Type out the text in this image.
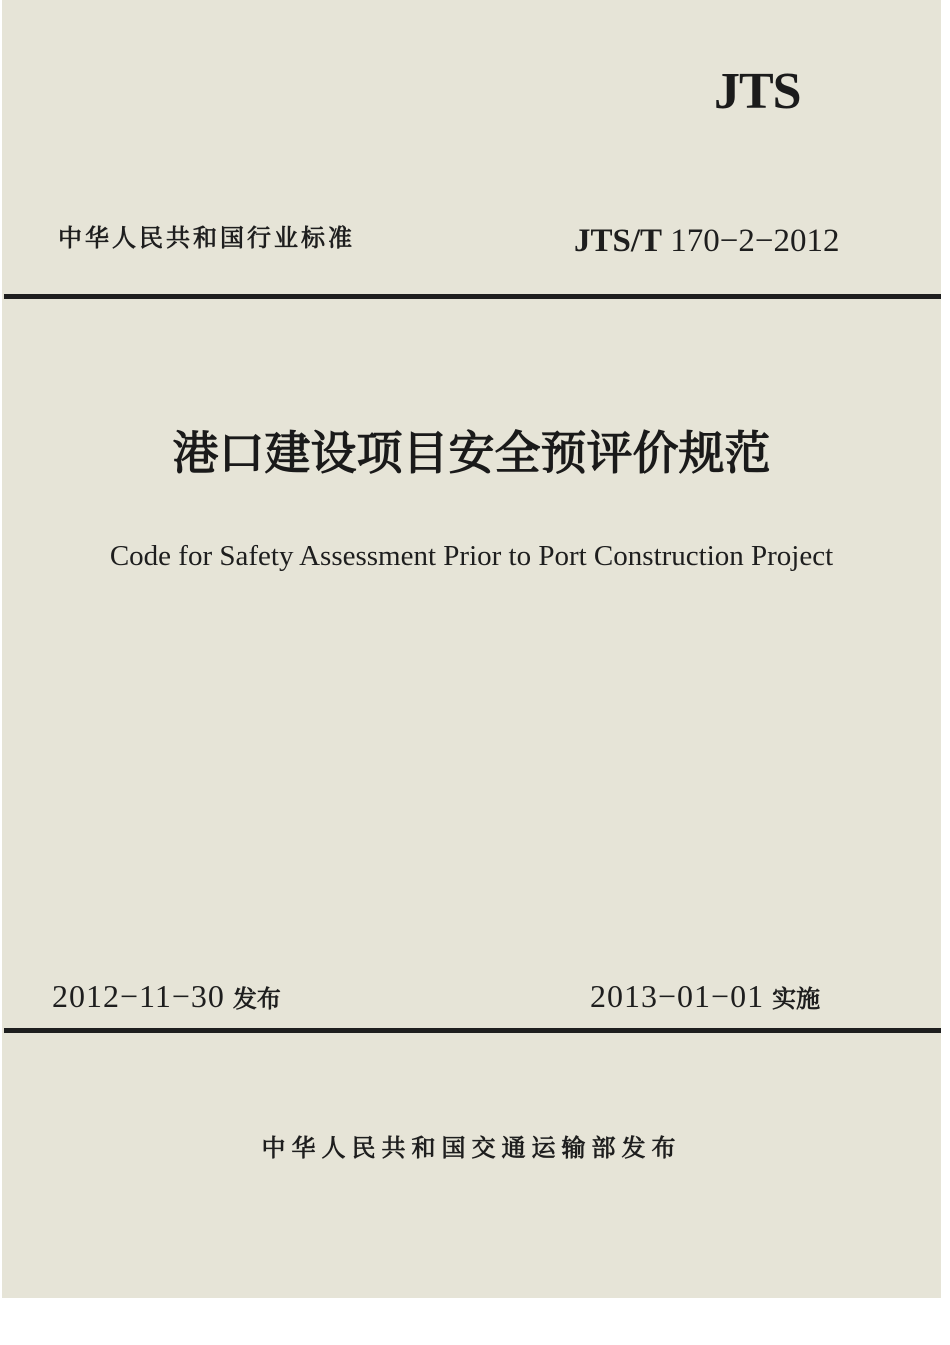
JTS
中华人民共和国行业标准	JTS/T 170−2−2012
港口建设项目安全预评价规范
Code for Safety Assessment Prior to Port Construction Project
2012−11−30 发布	2013−01−01 实施
中华人民共和国交通运输部发布
